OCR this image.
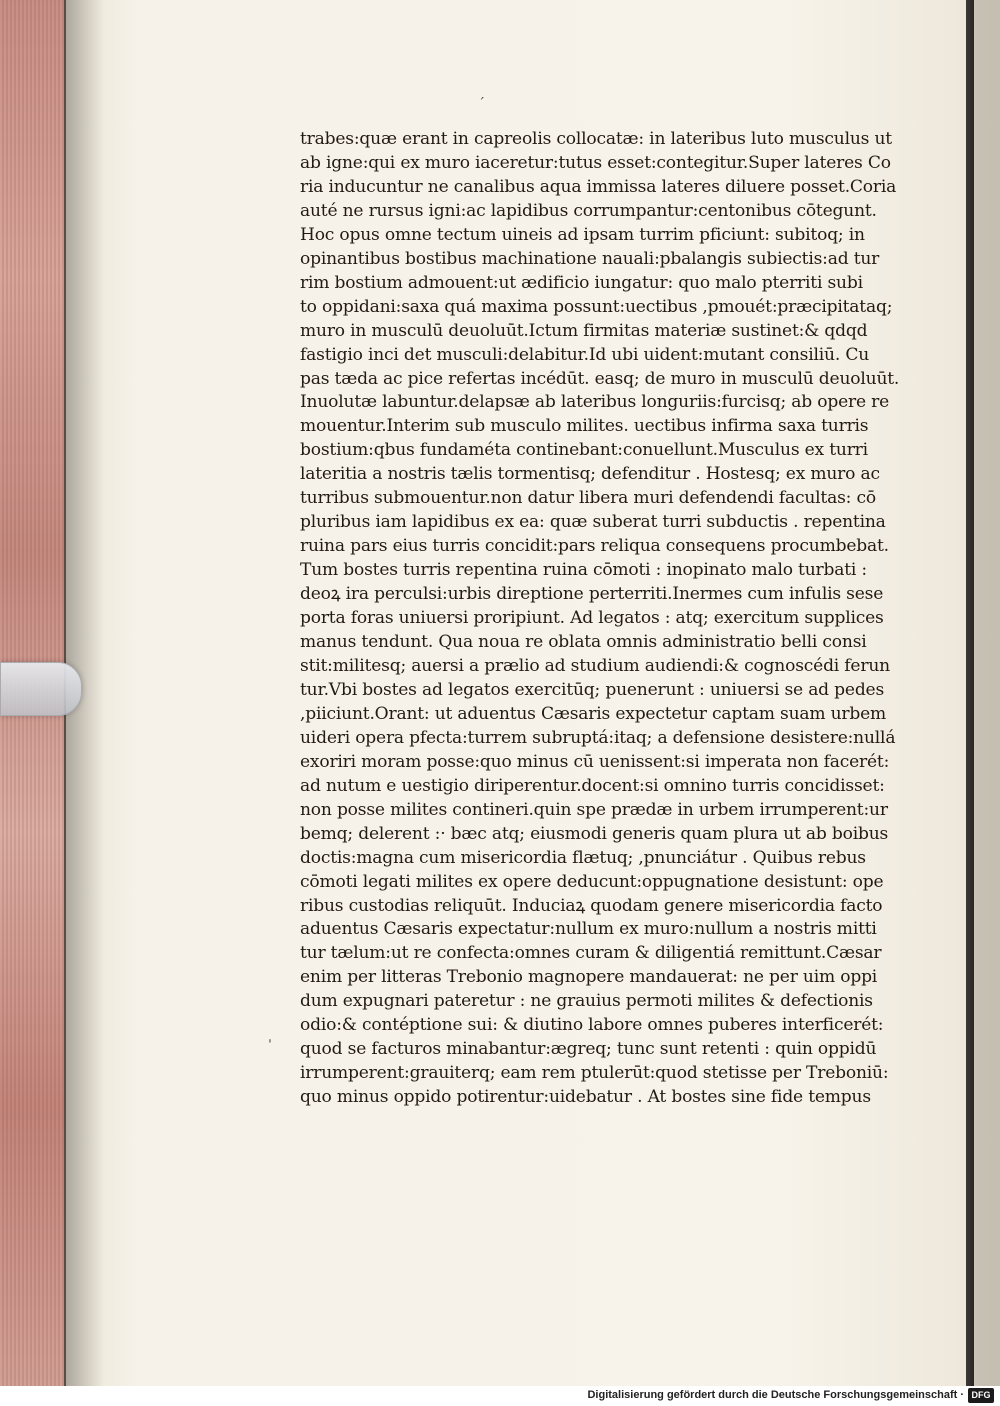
ˊ
ˈ
trabes:quæ erant in capreolis collocatæ: in lateribus luto musculus ut
ab igne:qui ex muro iaceretur:tutus esset:contegitur.Super lateres Co
ria inducuntur ne canalibus aqua immissa lateres diluere posset.Coria
auté ne rursus igni:ac lapidibus corrumpantur:centonibus cōtegunt.
Hoc opus omne tectum uineis ad ipsam turrim pficiunt: subitoq; in
opinantibus bostibus machinatione nauali:pbalangis subiectis:ad tur
rim bostium admouent:ut ædificio iungatur: quo malo pterriti subi
to oppidani:saxa quá maxima possunt:uectibus ,pmouét:præcipitataq;
muro in musculū deuoluūt.Ictum firmitas materiæ sustinet:& qdqd
fastigio inci det musculi:delabitur.Id ubi uident:mutant consiliū. Cu
pas tæda ac pice refertas incédūt. easq; de muro in musculū deuoluūt.
Inuolutæ labuntur.delapsæ ab lateribus longuriis:furcisq; ab opere re
mouentur.Interim sub musculo milites. uectibus infirma saxa turris
bostium:qbus fundaméta continebant:conuellunt.Musculus ex turri
lateritia a nostris tælis tormentisq; defenditur . Hostesq; ex muro ac
turribus submouentur.non datur libera muri defendendi facultas: cō
pluribus iam lapidibus ex ea: quæ suberat turri subductis . repentina
ruina pars eius turris concidit:pars reliqua consequens procumbebat.
Tum bostes turris repentina ruina cōmoti : inopinato malo turbati :
deoꝝ ira perculsi:urbis direptione perterriti.Inermes cum infulis sese
porta foras uniuersi proripiunt. Ad legatos : atq; exercitum supplices
manus tendunt. Qua noua re oblata omnis administratio belli consi
stit:militesq; auersi a prælio ad studium audiendi:& cognoscédi ferun
tur.Vbi bostes ad legatos exercitūq; puenerunt : uniuersi se ad pedes
,piiciunt.Orant: ut aduentus Cæsaris expectetur captam suam urbem
uideri opera pfecta:turrem subruptá:itaq; a defensione desistere:nullá
exoriri moram posse:quo minus cū uenissent:si imperata non facerét:
ad nutum e uestigio diriperentur.docent:si omnino turris concidisset:
non posse milites contineri.quin spe prædæ in urbem irrumperent:ur
bemq; delerent :· bæc atq; eiusmodi generis quam plura ut ab boibus
doctis:magna cum misericordia flætuq; ,pnunciátur . Quibus rebus
cōmoti legati milites ex opere deducunt:oppugnatione desistunt: ope
ribus custodias reliquūt. Induciaꝝ quodam genere misericordia facto
aduentus Cæsaris expectatur:nullum ex muro:nullum a nostris mitti
tur tælum:ut re confecta:omnes curam & diligentiá remittunt.Cæsar
enim per litteras Trebonio magnopere mandauerat: ne per uim oppi
dum expugnari pateretur : ne grauius permoti milites & defectionis
odio:& contéptione sui: & diutino labore omnes puberes interficerét:
quod se facturos minabantur:ægreq; tunc sunt retenti : quin oppidū
irrumperent:grauiterq; eam rem ptulerūt:quod stetisse per Treboniū:
quo minus oppido potirentur:uidebatur . At bostes sine fide tempus
Digitalisierung gefördert durch die Deutsche Forschungsgemeinschaft · DFG
